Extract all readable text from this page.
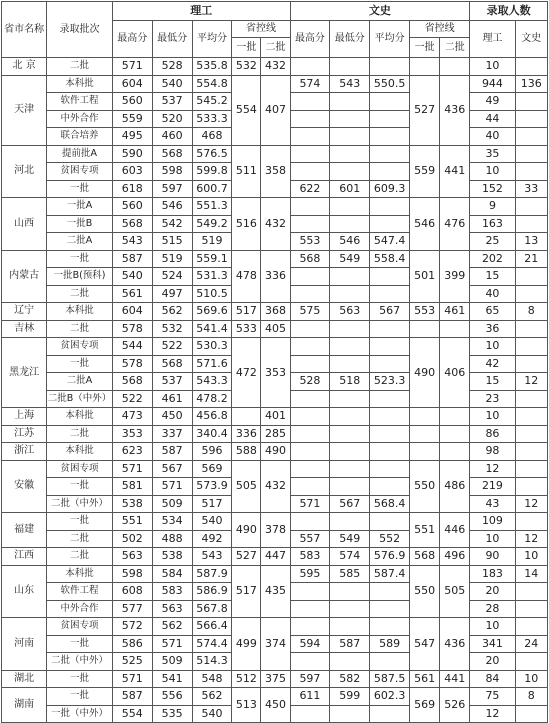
省市名称	录取批次	理工					文史					录取人数	
		最高分	最低分	平均分	省控线		最高分	最低分	平均分	省控线		理工	文史
					一批	二批				一批	二批		
北 京	二批	571	528	535.8	532	432						10	
天津	本科批	604	540	554.8	554	407	574	543	550.5	527	436	944	136
	软件工程	560	537	545.2								49	
	中外合作	559	520	533.3								44	
	联合培养	495	460	468								40	
河北	提前批A	590	568	576.5	511	358				559	441	35	
	贫困专项	603	598	599.8								10	
	一批	618	597	600.7			622	601	609.3			152	33
山西	一批A	560	546	551.3	516	432				546	476	9	
	一批B	568	542	549.2								163	
	二批A	543	515	519			553	546	547.4			25	13
内蒙古	一批	587	519	559.1	478	336	568	549	558.4	501	399	202	21
	一批B(预科)	540	524	531.3								15	
	二批	561	497	510.5								40	
辽宁	本科批	604	562	569.6	517	368	575	563	567	553	461	65	8
吉林	二批	578	532	541.4	533	405						36	
黑龙江	贫困专项	544	522	530.3	472	353				490	406	10	
	一批	578	568	571.6								42	
	二批A	568	537	543.3			528	518	523.3			15	12
	二批B（中外）	522	461	478.2								23	
上海	本科批	473	450	456.8		401						10	
江苏	二批	353	337	340.4	336	285						86	
浙江	本科批	623	587	596	588	490						98	
安徽	贫困专项	571	567	569	505	432				550	486	12	
	一批	581	571	573.9								219	
	二批（中外）	538	509	517			571	567	568.4			43	12
福建	一批	551	534	540	490	378				551	446	109	
	二批	502	488	492			557	549	552			10	12
江西	二批	563	538	543	527	447	583	574	576.9	568	496	90	10
山东	本科批	598	584	587.9	517	435	595	585	587.4	550	505	183	14
	软件工程	608	583	586.9								20	
	中外合作	577	563	567.8								28	
河南	贫困专项	572	562	566.4	499	374				547	436	10	
	一批	586	571	574.4			594	587	589			341	24
	二批（中外）	525	509	514.3								20	
湖北	一批	571	541	548	512	375	597	582	587.5	561	441	84	10
湖南	一批	587	556	562	513	450	611	599	602.3	569	526	75	8
	一批（中外）	554	535	540								12	
